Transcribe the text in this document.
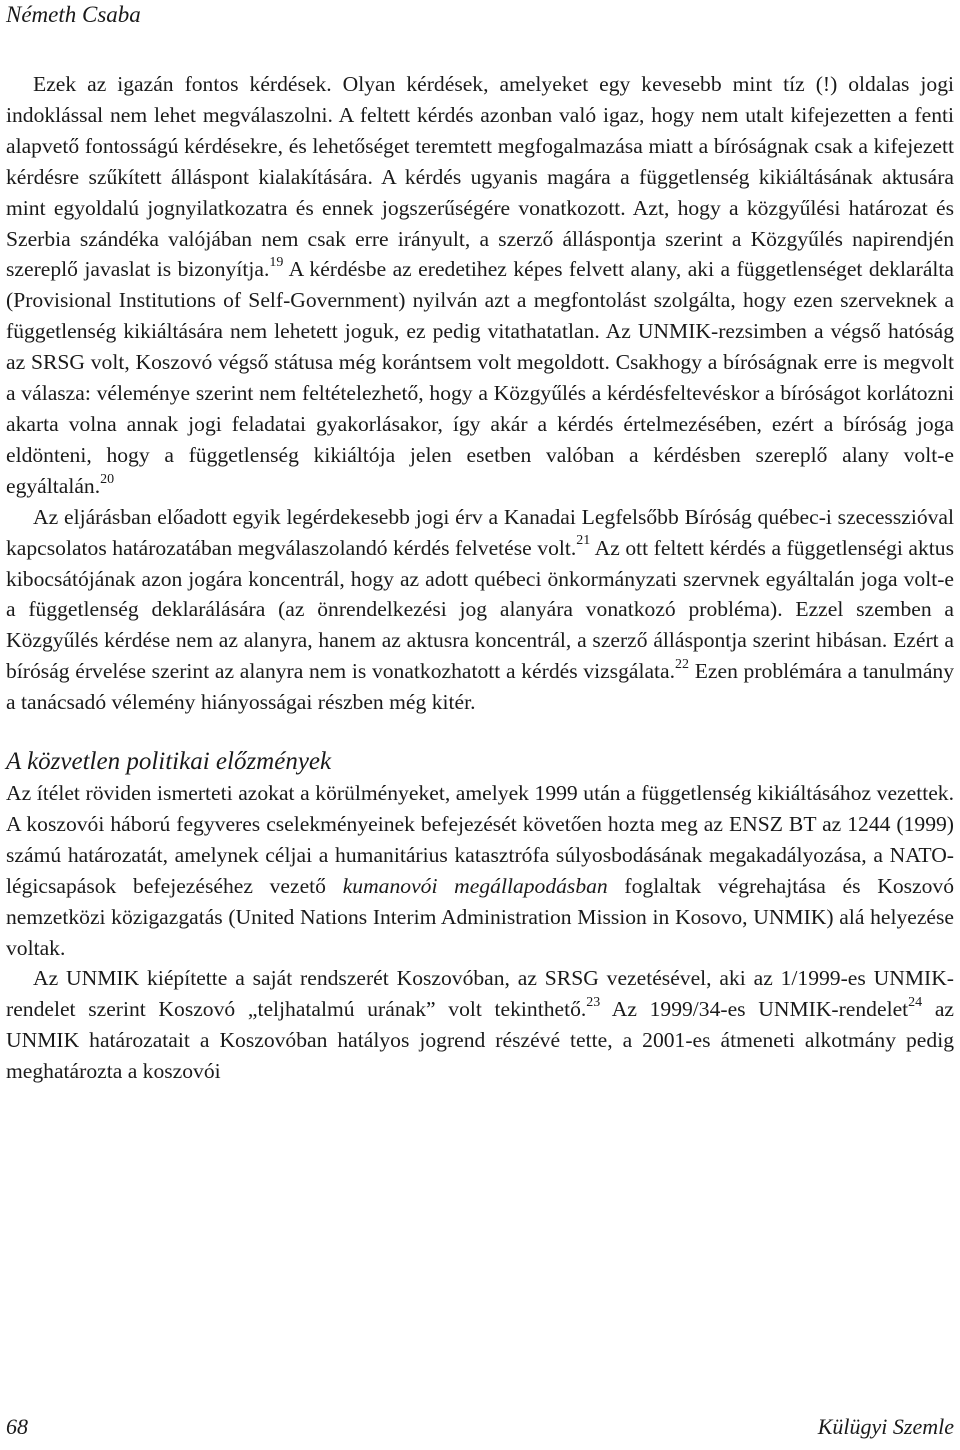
Németh Csaba

Ezek az igazán fontos kérdések. Olyan kérdések, amelyeket egy kevesebb mint tíz (!) oldalas jogi indoklással nem lehet megválaszolni. A feltett kérdés azonban való igaz, hogy nem utalt kifejezetten a fenti alapvető fontosságú kérdésekre, és lehetőséget teremtett megfogalmazása miatt a bíróságnak csak a kifejezett kérdésre szűkített álláspont kialakítására. A kérdés ugyanis magára a függetlenség kikiáltásának aktusára mint egyoldalú jognyilatkozatra és ennek jogszerűségére vonatkozott. Azt, hogy a közgyűlési határozat és Szerbia szándéka valójában nem csak erre irányult, a szerző álláspontja szerint a Közgyűlés napirendjén szereplő javaslat is bizonyítja.$^{19}$ A kérdésbe az eredetihez képes felvett alany, aki a függetlenséget deklarálta (Provisional Institutions of Self-Government) nyilván azt a megfontolást szolgálta, hogy ezen szerveknek a függetlenség kikiáltására nem lehetett joguk, ez pedig vitathatatlan. Az UNMIK-rezsimben a végső hatóság az SRSG volt, Koszovó végső státusa még korántsem volt megoldott. Csakhogy a bíróságnak erre is megvolt a válasza: véleménye szerint nem feltételezhető, hogy a Közgyűlés a kérdésfeltevéskor a bíróságot korlátozni akarta volna annak jogi feladatai gyakorlásakor, így akár a kérdés értelmezésében, ezért a bíróság joga eldönteni, hogy a függetlenség kikiáltója jelen esetben valóban a kérdésben szereplő alany volt-e egyáltalán.$^{20}$

Az eljárásban előadott egyik legérdekesebb jogi érv a Kanadai Legfelsőbb Bíróság québec-i szecesszióval kapcsolatos határozatában megválaszolandó kérdés felvetése volt.$^{21}$ Az ott feltett kérdés a függetlenségi aktus kibocsátójának azon jogára koncentrál, hogy az adott québeci önkormányzati szervnek egyáltalán joga volt-e a függetlenség deklarálására (az önrendelkezési jog alanyára vonatkozó probléma). Ezzel szemben a Közgyűlés kérdése nem az alanyra, hanem az aktusra koncentrál, a szerző álláspontja szerint hibásan. Ezért a bíróság érvelése szerint az alanyra nem is vonatkozhatott a kérdés vizsgálata.$^{22}$ Ezen problémára a tanulmány a tanácsadó vélemény hiányosságai részben még kitér.

A közvetlen politikai előzmények

Az ítélet röviden ismerteti azokat a körülményeket, amelyek 1999 után a függetlenség kikiáltásához vezettek. A koszovói háború fegyveres cselekményeinek befejezését követően hozta meg az ENSZ BT az 1244 (1999) számú határozatát, amelynek céljai a humanitárius katasztrófa súlyosbodásának megakadályozása, a NATO-légicsapások befejezéséhez vezető kumanovói megállapodásban foglaltak végrehajtása és Koszovó nemzetközi közigazgatás (United Nations Interim Administration Mission in Kosovo, UNMIK) alá helyezése voltak.

Az UNMIK kiépítette a saját rendszerét Koszovóban, az SRSG vezetésével, aki az 1/1999-es UNMIK-rendelet szerint Koszovó „teljhatalmú urának” volt tekinthető.$^{23}$ Az 1999/34-es UNMIK-rendelet$^{24}$ az UNMIK határozatait a Koszovóban hatályos jogrend részévé tette, a 2001-es átmeneti alkotmány pedig meghatározta a koszovói

68	Külügyi Szemle
